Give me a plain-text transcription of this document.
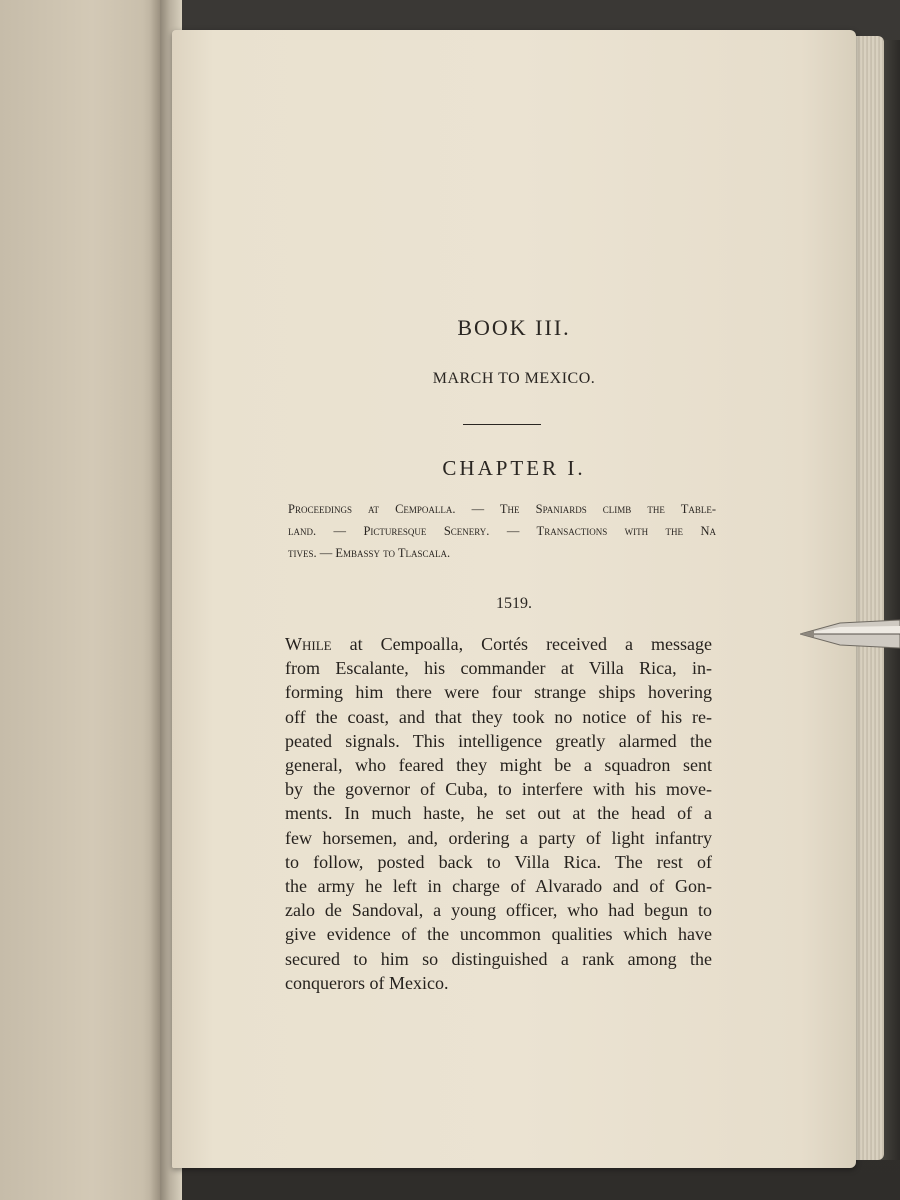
BOOK III.
MARCH TO MEXICO.
CHAPTER I.
Proceedings at Cempoalla. — The Spaniards climb the Table-
land. — Picturesque Scenery. — Transactions with the Na
tives. — Embassy to Tlascala.
1519.
While at Cempoalla, Cortés received a message
from Escalante, his commander at Villa Rica, in-
forming him there were four strange ships hovering
off the coast, and that they took no notice of his re-
peated signals. This intelligence greatly alarmed the
general, who feared they might be a squadron sent
by the governor of Cuba, to interfere with his move-
ments. In much haste, he set out at the head of a
few horsemen, and, ordering a party of light infantry
to follow, posted back to Villa Rica. The rest of
the army he left in charge of Alvarado and of Gon-
zalo de Sandoval, a young officer, who had begun to
give evidence of the uncommon qualities which have
secured to him so distinguished a rank among the
conquerors of Mexico.
